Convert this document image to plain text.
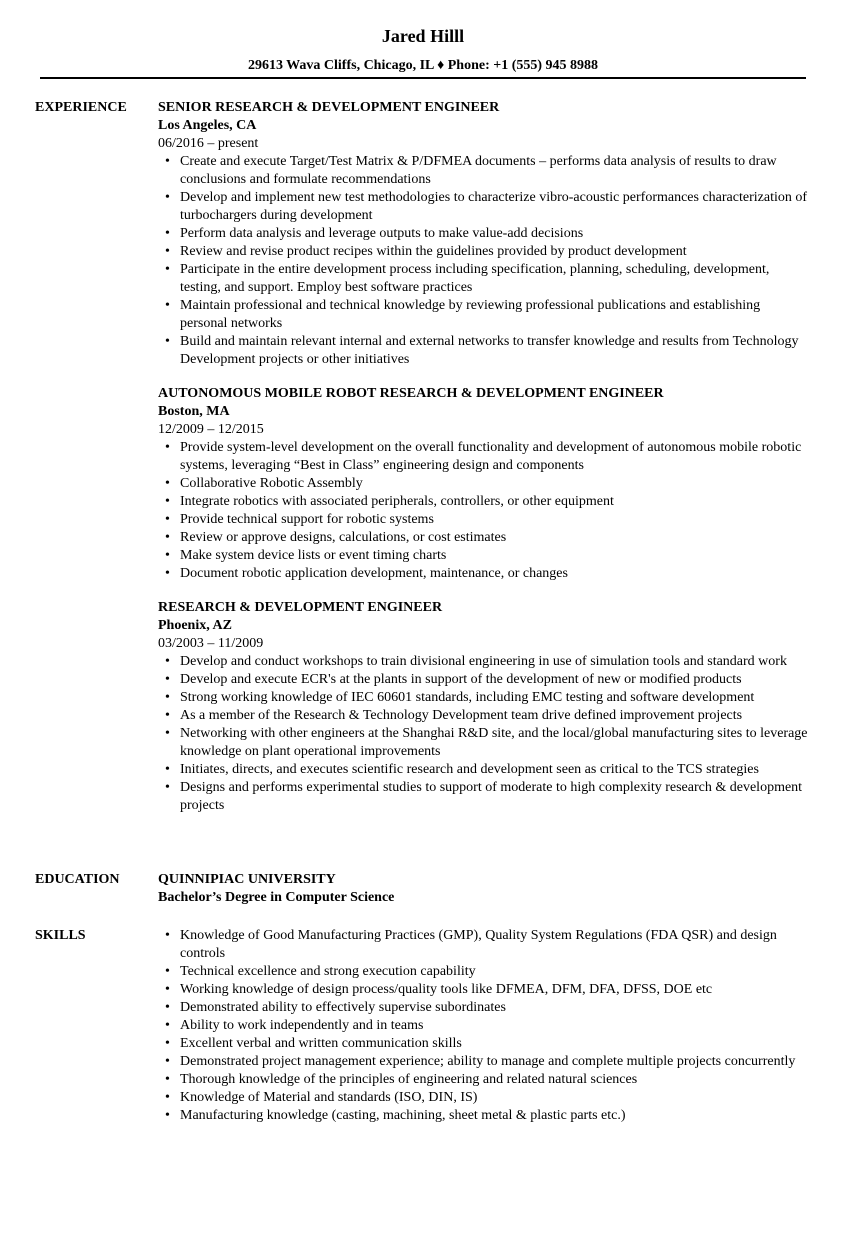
Jared Hilll
29613 Wava Cliffs, Chicago, IL ♦ Phone: +1 (555) 945 8988
EXPERIENCE SENIOR RESEARCH & DEVELOPMENT ENGINEER
Los Angeles, CA
06/2016 – present
• Create and execute Target/Test Matrix & P/DFMEA documents – performs data analysis of results to draw conclusions and formulate recommendations
• Develop and implement new test methodologies to characterize vibro-acoustic performances characterization of turbochargers during development
• Perform data analysis and leverage outputs to make value-add decisions
• Review and revise product recipes within the guidelines provided by product development
• Participate in the entire development process including specification, planning, scheduling, development, testing, and support. Employ best software practices
• Maintain professional and technical knowledge by reviewing professional publications and establishing personal networks
• Build and maintain relevant internal and external networks to transfer knowledge and results from Technology Development projects or other initiatives
AUTONOMOUS MOBILE ROBOT RESEARCH & DEVELOPMENT ENGINEER
Boston, MA
12/2009 – 12/2015
• Provide system-level development on the overall functionality and development of autonomous mobile robotic systems, leveraging “Best in Class” engineering design and components
• Collaborative Robotic Assembly
• Integrate robotics with associated peripherals, controllers, or other equipment
• Provide technical support for robotic systems
• Review or approve designs, calculations, or cost estimates
• Make system device lists or event timing charts
• Document robotic application development, maintenance, or changes
RESEARCH & DEVELOPMENT ENGINEER
Phoenix, AZ
03/2003 – 11/2009
• Develop and conduct workshops to train divisional engineering in use of simulation tools and standard work
• Develop and execute ECR's at the plants in support of the development of new or modified products
• Strong working knowledge of IEC 60601 standards, including EMC testing and software development
• As a member of the Research & Technology Development team drive defined improvement projects
• Networking with other engineers at the Shanghai R&D site, and the local/global manufacturing sites to leverage knowledge on plant operational improvements
• Initiates, directs, and executes scientific research and development seen as critical to the TCS strategies
• Designs and performs experimental studies to support of moderate to high complexity research & development projects
EDUCATION	QUINNIPIAC UNIVERSITY
Bachelor’s Degree in Computer Science
SKILLS
•	Knowledge of Good Manufacturing Practices (GMP), Quality System Regulations (FDA QSR) and design controls
• Technical excellence and strong execution capability
• Working knowledge of design process/quality tools like DFMEA, DFM, DFA, DFSS, DOE etc
• Demonstrated ability to effectively supervise subordinates
• Ability to work independently and in teams
• Excellent verbal and written communication skills
• Demonstrated project management experience; ability to manage and complete multiple projects concurrently
• Thorough knowledge of the principles of engineering and related natural sciences
• Knowledge of Material and standards (ISO, DIN, IS)
• Manufacturing knowledge (casting, machining, sheet metal & plastic parts etc.)
